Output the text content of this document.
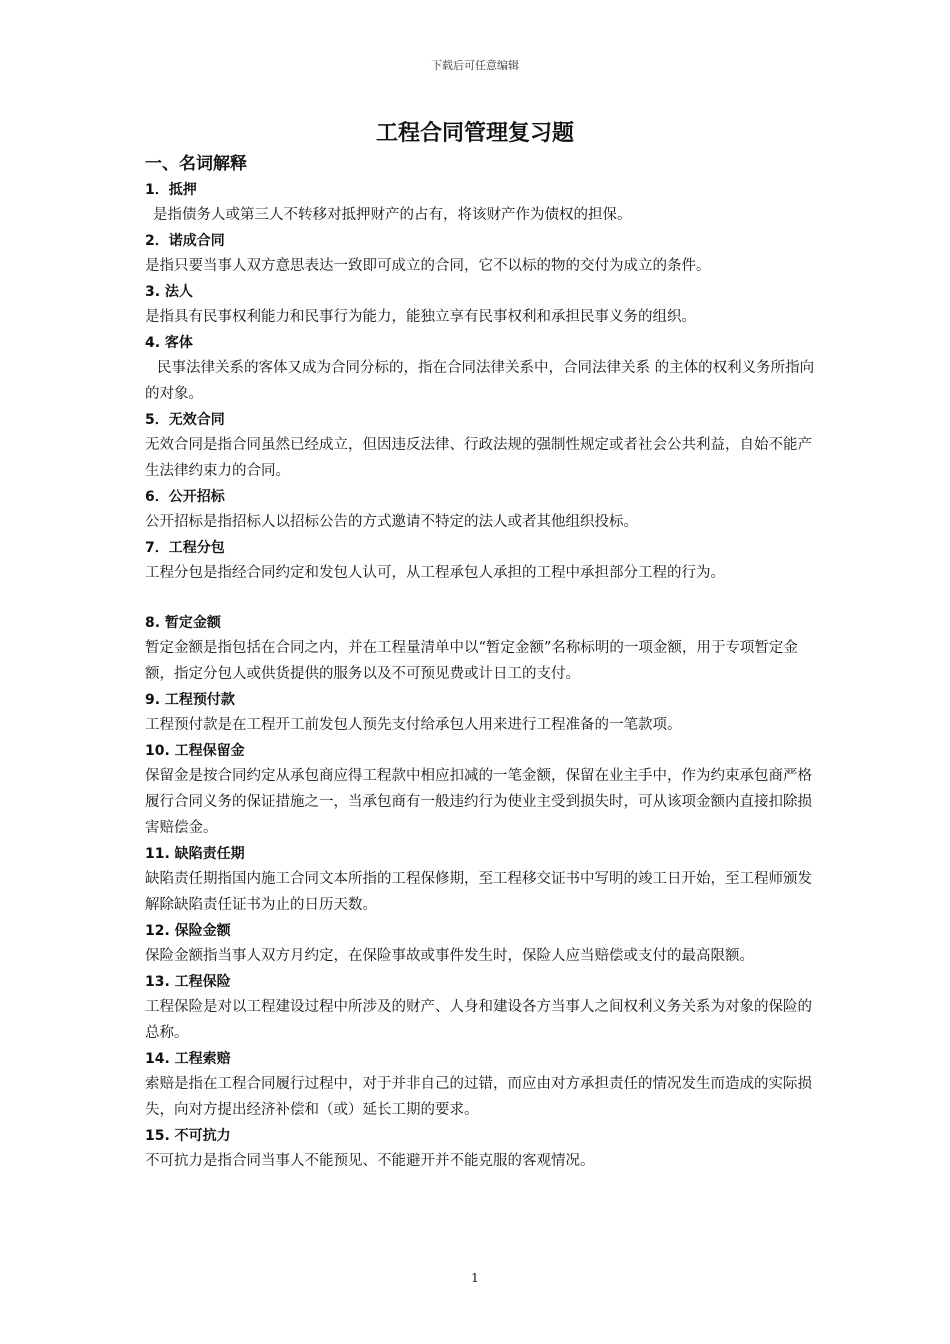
下载后可任意编辑
工程合同管理复习题

一、名词解释

1．抵押

是指债务人或第三人不转移对抵押财产的占有，将该财产作为债权的担保。

2．诺成合同

是指只要当事人双方意思表达一致即可成立的合同，它不以标的物的交付为成立的条件。

3. 法人

是指具有民事权利能力和民事行为能力，能独立享有民事权利和承担民事义务的组织。

4. 客体

民事法律关系的客体又成为合同分标的，指在合同法律关系中，合同法律关系 的主体的权利义务所指向的对象。

5．无效合同

无效合同是指合同虽然已经成立，但因违反法律、行政法规的强制性规定或者社会公共利益，自始不能产生法律约束力的合同。

6．公开招标

公开招标是指招标人以招标公告的方式邀请不特定的法人或者其他组织投标。

7．工程分包

工程分包是指经合同约定和发包人认可，从工程承包人承担的工程中承担部分工程的行为。

8. 暂定金额

暂定金额是指包括在合同之内，并在工程量清单中以“暂定金额”名称标明的一项金额，用于专项暂定金额，指定分包人或供货提供的服务以及不可预见费或计日工的支付。

9. 工程预付款

工程预付款是在工程开工前发包人预先支付给承包人用来进行工程准备的一笔款项。

10. 工程保留金

保留金是按合同约定从承包商应得工程款中相应扣减的一笔金额，保留在业主手中，作为约束承包商严格履行合同义务的保证措施之一，当承包商有一般违约行为使业主受到损失时，可从该项金额内直接扣除损害赔偿金。

11. 缺陷责任期

缺陷责任期指国内施工合同文本所指的工程保修期，至工程移交证书中写明的竣工日开始，至工程师颁发解除缺陷责任证书为止的日历天数。

12. 保险金额

保险金额指当事人双方月约定，在保险事故或事件发生时，保险人应当赔偿或支付的最高限额。

13. 工程保险

工程保险是对以工程建设过程中所涉及的财产、人身和建设各方当事人之间权利义务关系为对象的保险的总称。

14. 工程索赔

索赔是指在工程合同履行过程中，对于并非自己的过错，而应由对方承担责任的情况发生而造成的实际损失，向对方提出经济补偿和（或）延长工期的要求。

15. 不可抗力

不可抗力是指合同当事人不能预见、不能避开并不能克服的客观情况。

1
